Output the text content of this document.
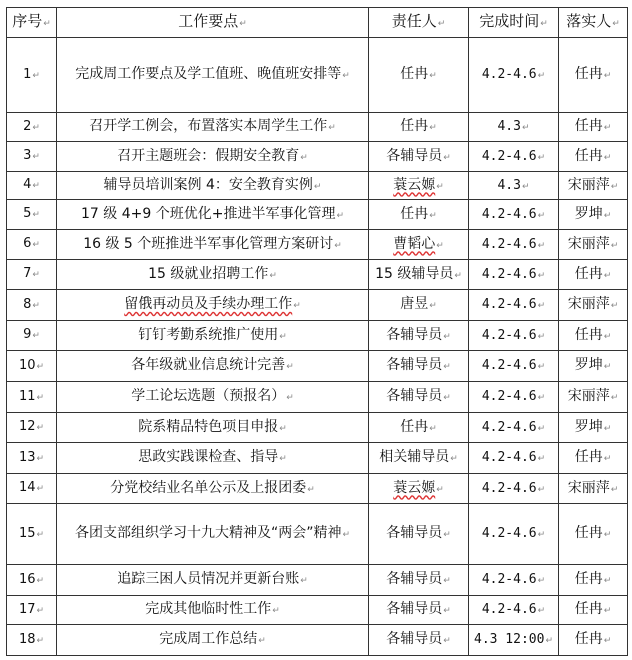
序号↵	工作要点↵	责任人↵	完成时间↵	落实人↵
1↵	完成周工作要点及学工值班、晚值班安排等↵	任冉↵	4.2-4.6↵	任冉↵
2↵	召开学工例会，布置落实本周学生工作↵	任冉↵	4.3↵	任冉↵
3↵	召开主题班会：假期安全教育↵	各辅导员↵	4.2-4.6↵	任冉↵
4↵	辅导员培训案例 4：安全教育实例↵	蓑云嫄↵	4.3↵	宋丽萍↵
5↵	17 级 4+9 个班优化+推进半军事化管理↵	任冉↵	4.2-4.6↵	罗坤↵
6↵	16 级 5 个班推进半军事化管理方案研讨↵	曹韬心↵	4.2-4.6↵	宋丽萍↵
7↵	15 级就业招聘工作↵	15 级辅导员↵	4.2-4.6↵	任冉↵
8↵	留俄再动员及手续办理工作↵	唐昱↵	4.2-4.6↵	宋丽萍↵
9↵	钉钉考勤系统推广使用↵	各辅导员↵	4.2-4.6↵	任冉↵
10↵	各年级就业信息统计完善↵	各辅导员↵	4.2-4.6↵	罗坤↵
11↵	学工论坛选题（预报名）↵	各辅导员↵	4.2-4.6↵	宋丽萍↵
12↵	院系精品特色项目申报↵	任冉↵	4.2-4.6↵	罗坤↵
13↵	思政实践课检查、指导↵	相关辅导员↵	4.2-4.6↵	任冉↵
14↵	分党校结业名单公示及上报团委↵	蓑云嫄↵	4.2-4.6↵	宋丽萍↵
15↵	各团支部组织学习十九大精神及“两会”精神↵	各辅导员↵	4.2-4.6↵	任冉↵
16↵	追踪三困人员情况并更新台账↵	各辅导员↵	4.2-4.6↵	任冉↵
17↵	完成其他临时性工作↵	各辅导员↵	4.2-4.6↵	任冉↵
18↵	完成周工作总结↵	各辅导员↵	4.3 12:00↵	任冉↵
